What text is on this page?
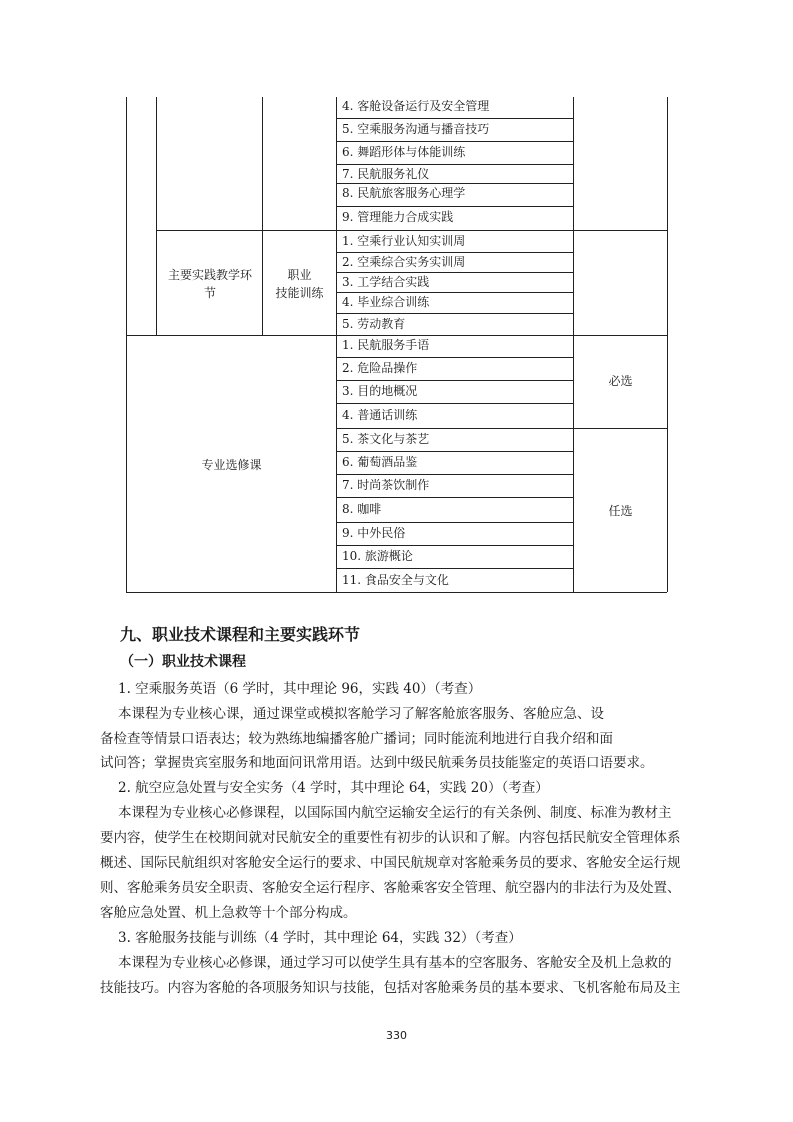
4. 客舱设备运行及安全管理
5. 空乘服务沟通与播音技巧
6. 舞蹈形体与体能训练
7. 民航服务礼仪
8. 民航旅客服务心理学
9. 管理能力合成实践
主要实践教学环
节
职业
技能训练
1. 空乘行业认知实训周
2. 空乘综合实务实训周
3. 工学结合实践
4. 毕业综合训练
5. 劳动教育
专业选修课
1. 民航服务手语
2. 危险品操作
3. 目的地概况
4. 普通话训练
必选
5. 茶文化与茶艺
6. 葡萄酒品鉴
7. 时尚茶饮制作
8. 咖啡
9. 中外民俗
10. 旅游概论
11. 食品安全与文化
任选
九、职业技术课程和主要实践环节
（一）职业技术课程
1. 空乘服务英语（6 学时，其中理论 96，实践 40）（考查）
本课程为专业核心课，通过课堂或模拟客舱学习了解客舱旅客服务、客舱应急、设
备检查等情景口语表达；较为熟练地编播客舱广播词；同时能流利地进行自我介绍和面
试问答；掌握贵宾室服务和地面问讯常用语。达到中级民航乘务员技能鉴定的英语口语要求。
2. 航空应急处置与安全实务（4 学时，其中理论 64，实践 20）（考查）
本课程为专业核心必修课程，以国际国内航空运输安全运行的有关条例、制度、标准为教材主
要内容，使学生在校期间就对民航安全的重要性有初步的认识和了解。内容包括民航安全管理体系
概述、国际民航组织对客舱安全运行的要求、中国民航规章对客舱乘务员的要求、客舱安全运行规
则、客舱乘务员安全职责、客舱安全运行程序、客舱乘客安全管理、航空器内的非法行为及处置、
客舱应急处置、机上急救等十个部分构成。
3. 客舱服务技能与训练（4 学时，其中理论 64，实践 32）（考查）
本课程为专业核心必修课，通过学习可以使学生具有基本的空客服务、客舱安全及机上急救的
技能技巧。内容为客舱的各项服务知识与技能，包括对客舱乘务员的基本要求、飞机客舱布局及主
330
